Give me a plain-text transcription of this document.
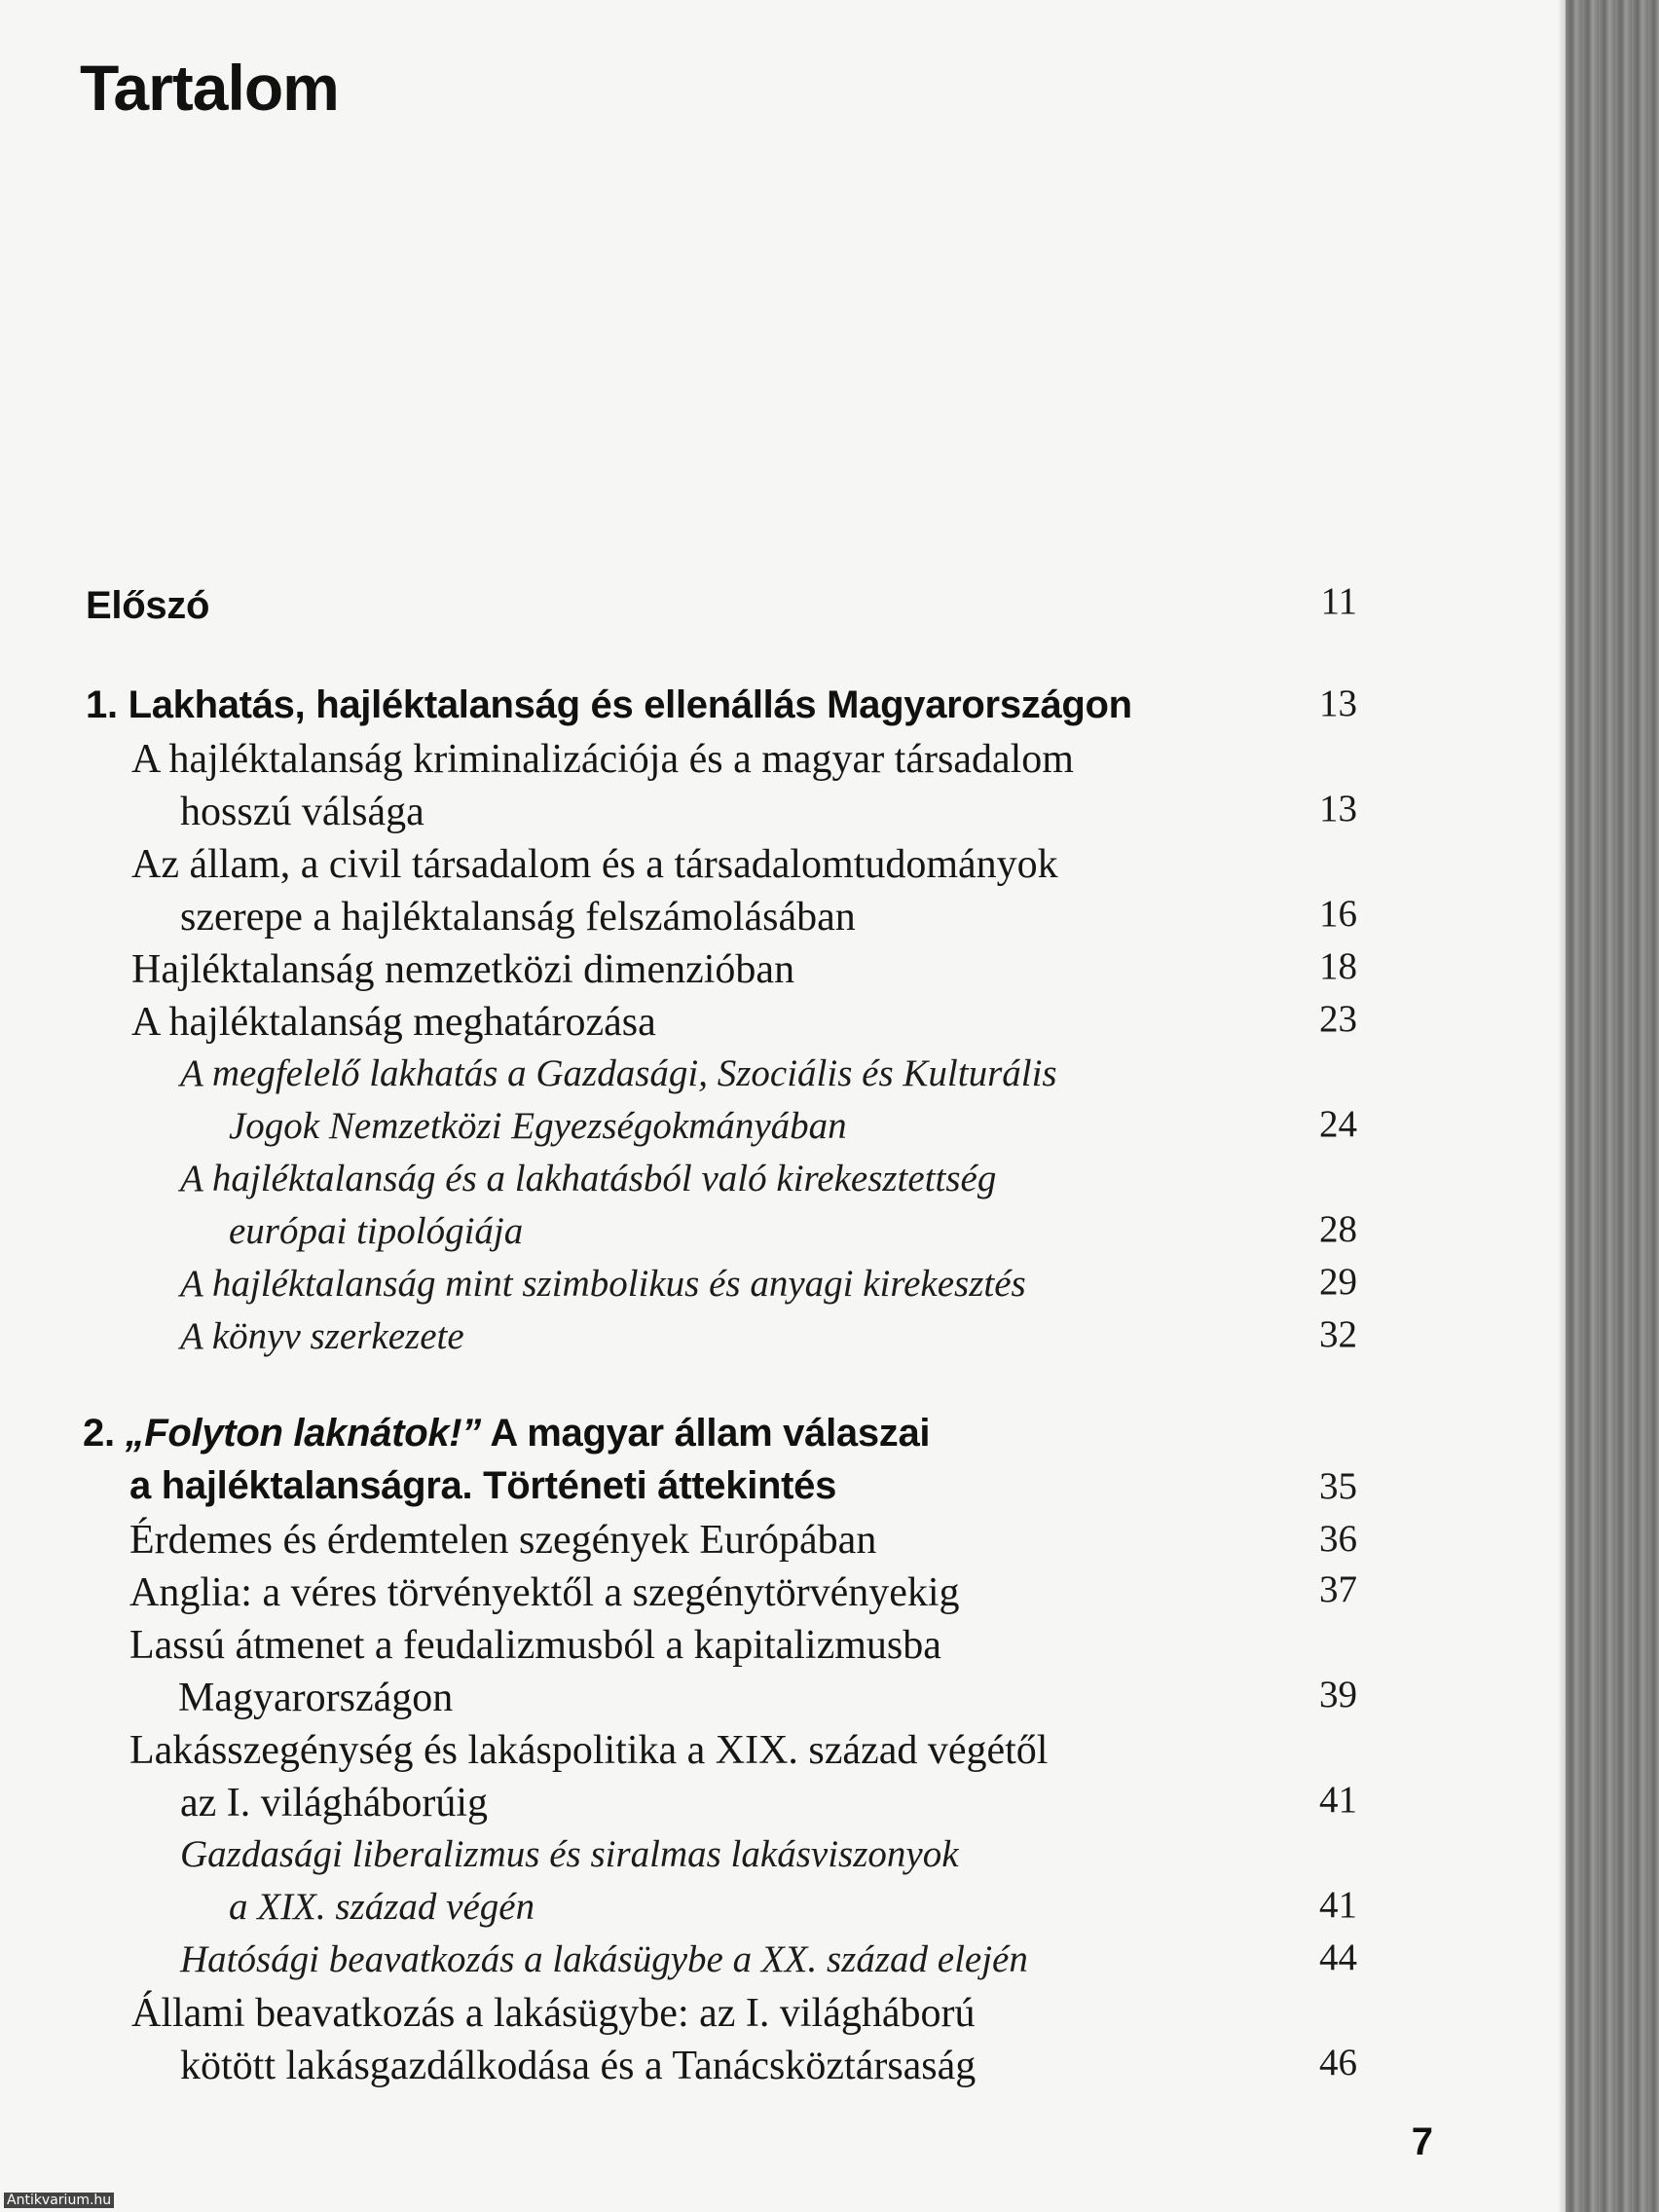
Tartalom
Előszó	11
1. Lakhatás, hajléktalanság és ellenállás Magyarországon	13
A hajléktalanság kriminalizációja és a magyar társadalom
hosszú válsága	13
Az állam, a civil társadalom és a társadalomtudományok
szerepe a hajléktalanság felszámolásában	16
Hajléktalanság nemzetközi dimenzióban	18
A hajléktalanság meghatározása	23
A megfelelő lakhatás a Gazdasági, Szociális és Kulturális
Jogok Nemzetközi Egyezségokmányában	24
A hajléktalanság és a lakhatásból való kirekesztettség
európai tipológiája	28
A hajléktalanság mint szimbolikus és anyagi kirekesztés	29
A könyv szerkezete	32
2. „Folyton laknátok!” A magyar állam válaszai
a hajléktalanságra. Történeti áttekintés	35
Érdemes és érdemtelen szegények Európában	36
Anglia: a véres törvényektől a szegénytörvényekig	37
Lassú átmenet a feudalizmusból a kapitalizmusba
Magyarországon	39
Lakásszegénység és lakáspolitika a XIX. század végétől
az I. világháborúig	41
Gazdasági liberalizmus és siralmas lakásviszonyok
a XIX. század végén	41
Hatósági beavatkozás a lakásügybe a XX. század elején	44
Állami beavatkozás a lakásügybe: az I. világháború
kötött lakásgazdálkodása és a Tanácsköztársaság	46
7
Antikvarium.hu
